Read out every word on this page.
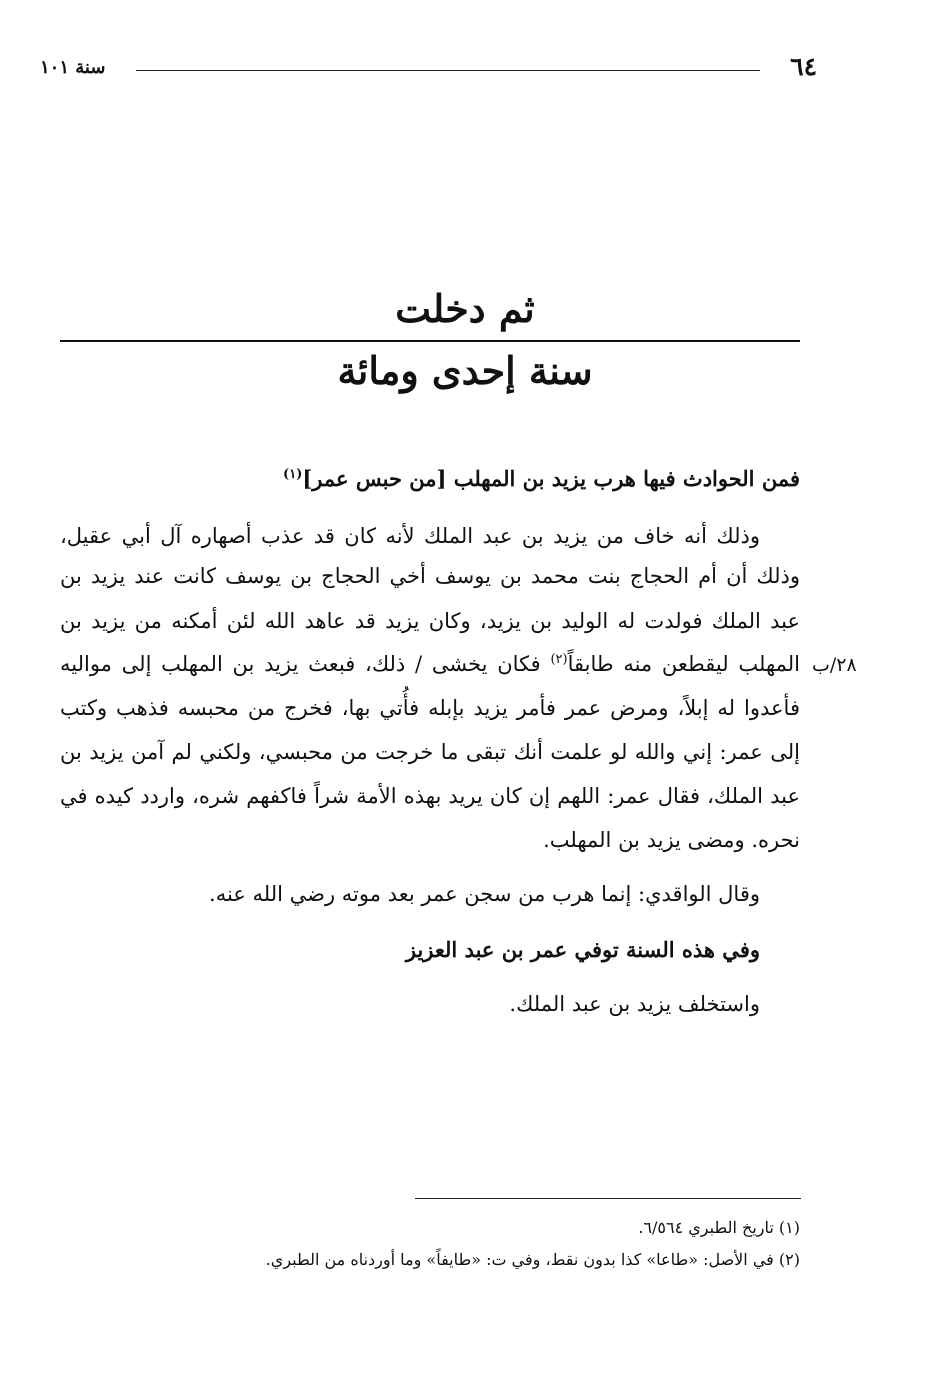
٦٤
سنة ١٠١
ثم دخلت
سنة إحدى ومائة
فمن الحوادث فيها هرب يزيد بن المهلب [من حبس عمر]$^{(١)}$
وذلك أنه خاف من يزيد بن عبد الملك لأنه كان قد عذب أصهاره آل أبي عقيل،
وذلك أن أم الحجاج بنت محمد بن يوسف أخي الحجاج بن يوسف كانت عند يزيد بن
عبد الملك فولدت له الوليد بن يزيد، وكان يزيد قد عاهد الله لئن أمكنه من يزيد بن
المهلب ليقطعن منه طابقاً$^{(٢)}$ فكان يخشى / ذلك، فبعث يزيد بن المهلب إلى مواليه	٢٨/ب
فأعدوا له إبلاً، ومرض عمر فأمر يزيد بإبله فأُتي بها، فخرج من محبسه فذهب وكتب
إلى عمر: إني والله لو علمت أنك تبقى ما خرجت من محبسي، ولكني لم آمن يزيد بن
عبد الملك، فقال عمر: اللهم إن كان يريد بهذه الأمة شراً فاكفهم شره، واردد كيده في
نحره. ومضى يزيد بن المهلب.
وقال الواقدي: إنما هرب من سجن عمر بعد موته رضي الله عنه.
وفي هذه السنة توفي عمر بن عبد العزيز
واستخلف يزيد بن عبد الملك.
(١) تاريخ الطبري ٦/٥٦٤.
(٢) في الأصل: «طاعا» كذا بدون نقط، وفي ت: «طايفاً» وما أوردناه من الطبري.
